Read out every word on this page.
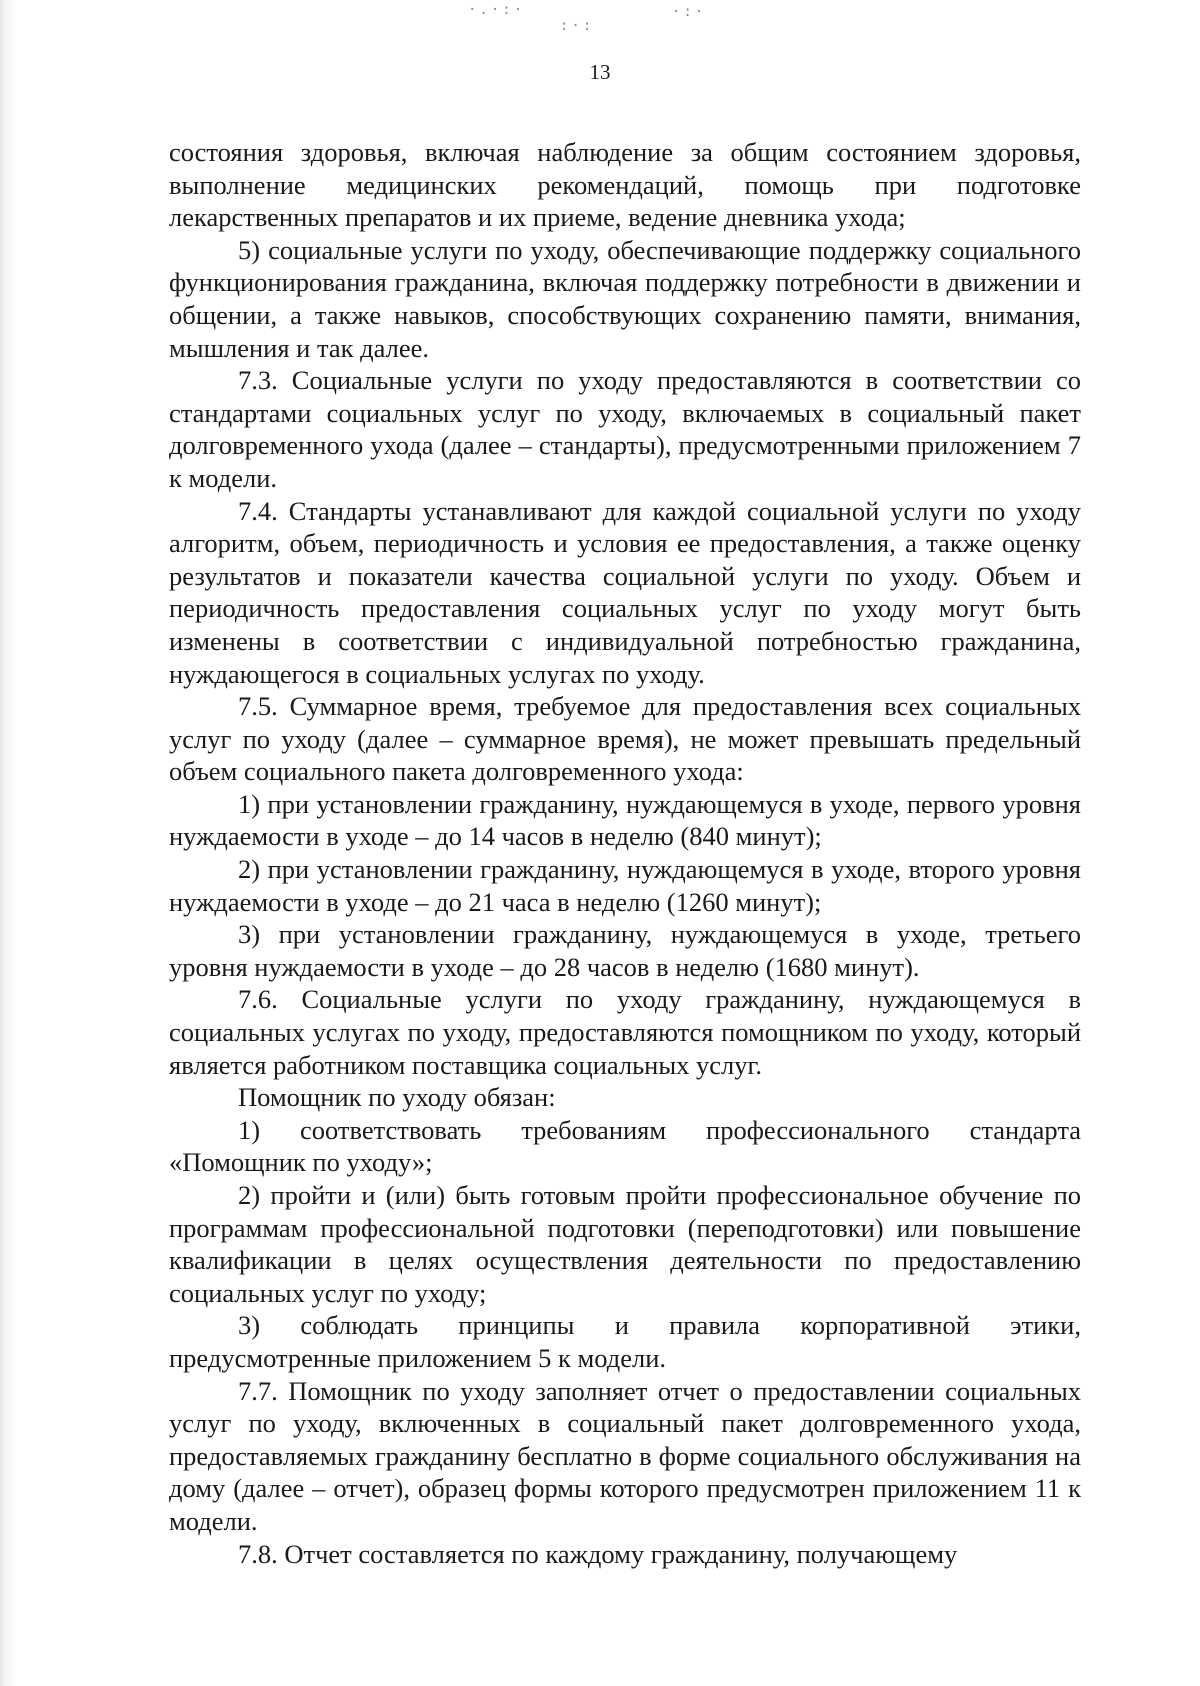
·.·:·
:·:
·:·
13

состояния здоровья, включая наблюдение за общим состоянием здоровья, выполнение медицинских рекомендаций, помощь при подготовке лекарственных препаратов и их приеме, ведение дневника ухода;

5) социальные услуги по уходу, обеспечивающие поддержку социального функционирования гражданина, включая поддержку потребности в движении и общении, а также навыков, способствующих сохранению памяти, внимания, мышления и так далее.

7.3. Социальные услуги по уходу предоставляются в соответствии со стандартами социальных услуг по уходу, включаемых в социальный пакет долговременного ухода (далее – стандарты), предусмотренными приложением 7 к модели.

7.4. Стандарты устанавливают для каждой социальной услуги по уходу алгоритм, объем, периодичность и условия ее предоставления, а также оценку результатов и показатели качества социальной услуги по уходу. Объем и периодичность предоставления социальных услуг по уходу могут быть изменены в соответствии с индивидуальной потребностью гражданина, нуждающегося в социальных услугах по уходу.

7.5. Суммарное время, требуемое для предоставления всех социальных услуг по уходу (далее – суммарное время), не может превышать предельный объем социального пакета долговременного ухода:

1) при установлении гражданину, нуждающемуся в уходе, первого уровня нуждаемости в уходе – до 14 часов в неделю (840 минут);

2) при установлении гражданину, нуждающемуся в уходе, второго уровня нуждаемости в уходе – до 21 часа в неделю (1260 минут);

3) при установлении гражданину, нуждающемуся в уходе, третьего уровня нуждаемости в уходе – до 28 часов в неделю (1680 минут).

7.6. Социальные услуги по уходу гражданину, нуждающемуся в социальных услугах по уходу, предоставляются помощником по уходу, который является работником поставщика социальных услуг.

Помощник по уходу обязан:

1) соответствовать требованиям профессионального стандарта «Помощник по уходу»;

2) пройти и (или) быть готовым пройти профессиональное обучение по программам профессиональной подготовки (переподготовки) или повышение квалификации в целях осуществления деятельности по предоставлению социальных услуг по уходу;

3) соблюдать принципы и правила корпоративной этики, предусмотренные приложением 5 к модели.

7.7. Помощник по уходу заполняет отчет о предоставлении социальных услуг по уходу, включенных в социальный пакет долговременного ухода, предоставляемых гражданину бесплатно в форме социального обслуживания на дому (далее – отчет), образец формы которого предусмотрен приложением 11 к модели.

7.8. Отчет составляется по каждому гражданину, получающему
